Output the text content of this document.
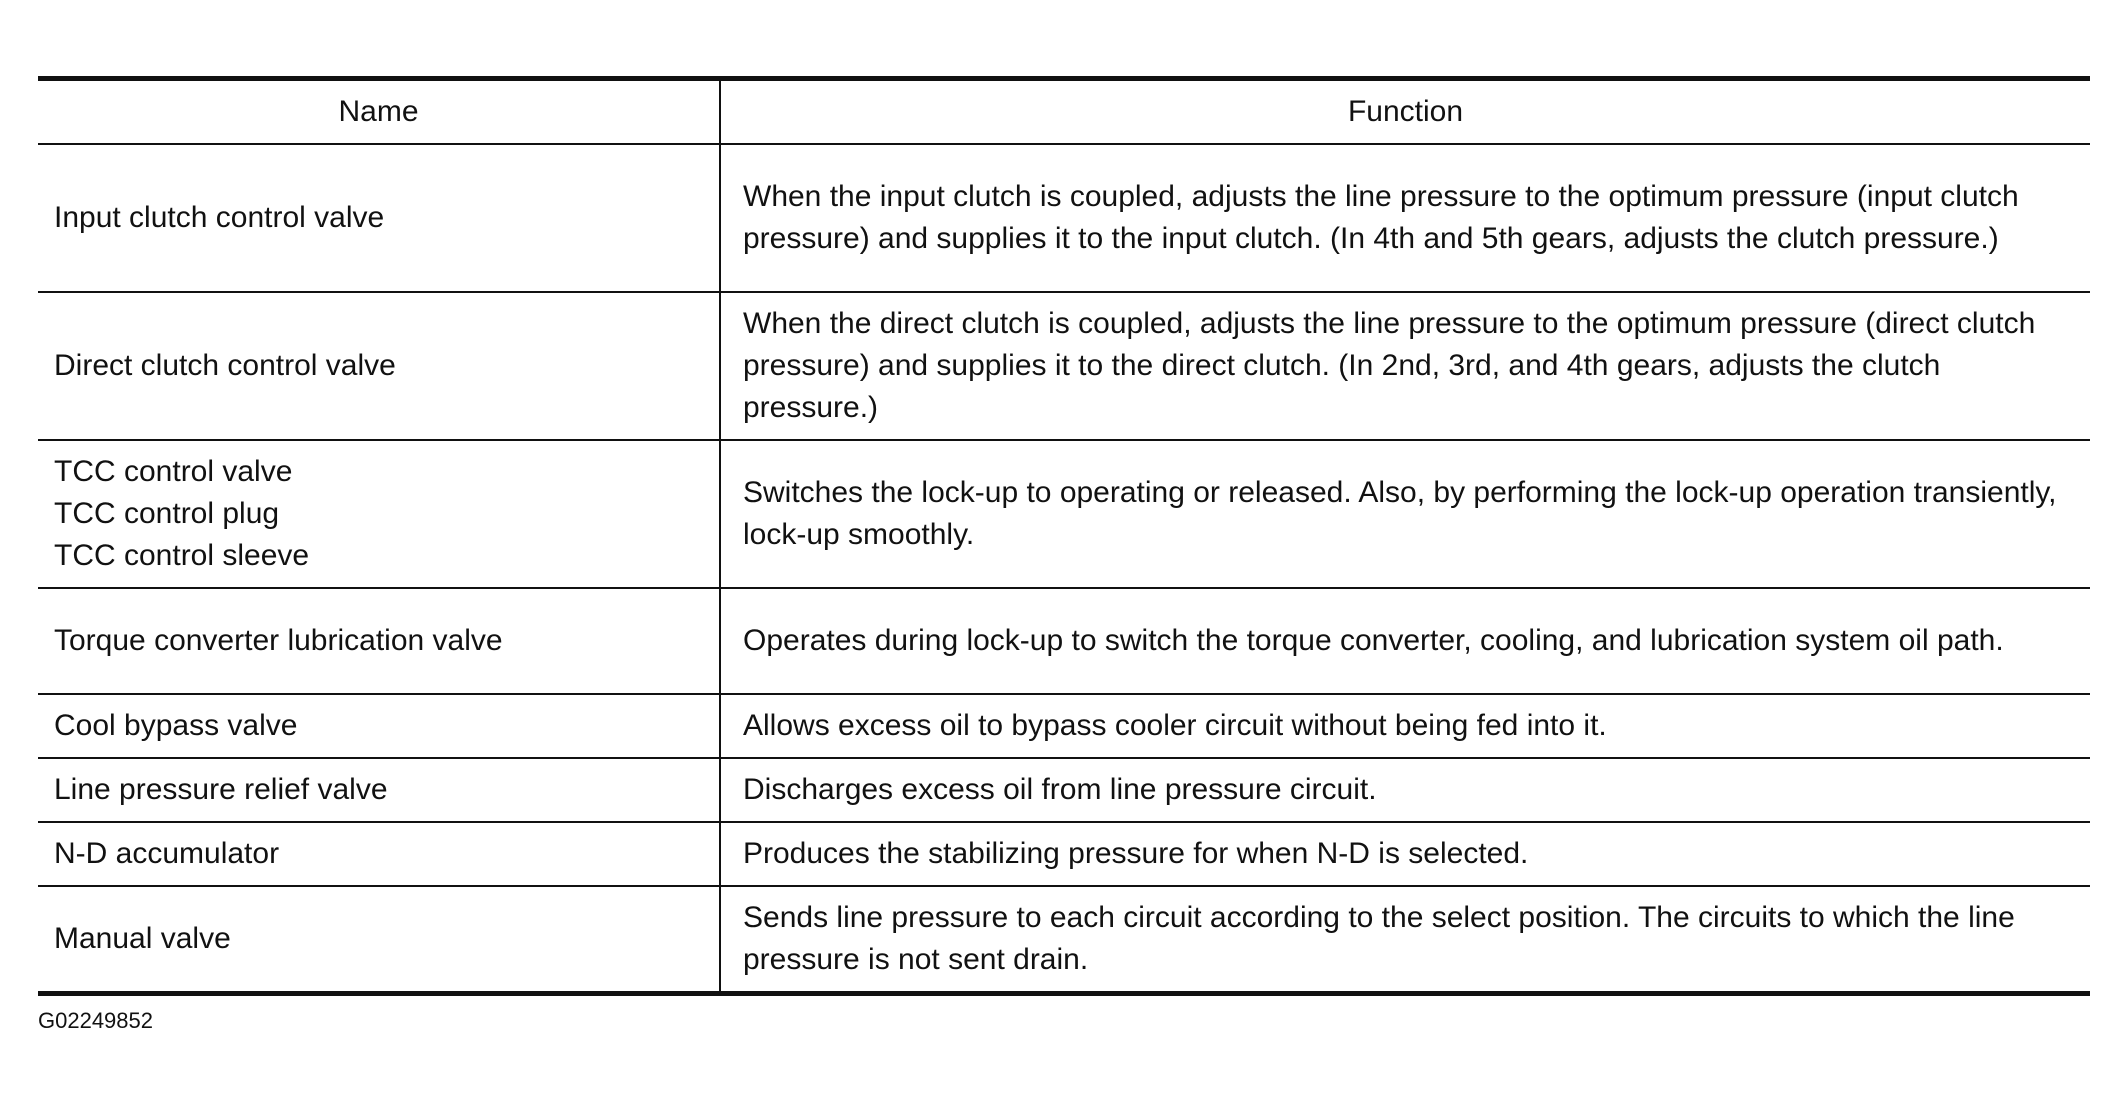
Name	Function

Input clutch control valve	When the input clutch is coupled, adjusts the line pressure to the optimum pressure (input clutch pressure) and supplies it to the input clutch. (In 4th and 5th gears, adjusts the clutch pressure.)

Direct clutch control valve	When the direct clutch is coupled, adjusts the line pressure to the optimum pressure (direct clutch pressure) and supplies it to the direct clutch. (In 2nd, 3rd, and 4th gears, adjusts the clutch pressure.)

TCC control valve
TCC control plug
TCC control sleeve	Switches the lock-up to operating or released. Also, by performing the lock-up operation transiently, lock-up smoothly.

Torque converter lubrication valve	Operates during lock-up to switch the torque converter, cooling, and lubrication system oil path.

Cool bypass valve	Allows excess oil to bypass cooler circuit without being fed into it.

Line pressure relief valve	Discharges excess oil from line pressure circuit.

N-D accumulator	Produces the stabilizing pressure for when N-D is selected.

Manual valve	Sends line pressure to each circuit according to the select position. The circuits to which the line pressure is not sent drain.
G02249852
